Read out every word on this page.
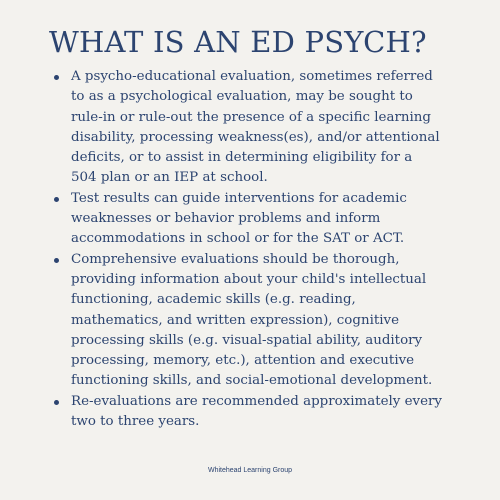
WHAT IS AN ED PSYCH?
A psycho-educational evaluation, sometimes referred to as a psychological evaluation, may be sought to rule-in or rule-out the presence of a specific learning disability, processing weakness(es), and/or attentional deficits, or to assist in determining eligibility for a 504 plan or an IEP at school.
Test results can guide interventions for academic weaknesses or behavior problems and inform accommodations in school or for the SAT or ACT.
Comprehensive evaluations should be thorough, providing information about your child's intellectual functioning, academic skills (e.g. reading, mathematics, and written expression), cognitive processing skills (e.g. visual-spatial ability, auditory processing, memory, etc.), attention and executive functioning skills, and social-emotional development.
Re-evaluations are recommended approximately every two to three years.
Whitehead Learning Group
